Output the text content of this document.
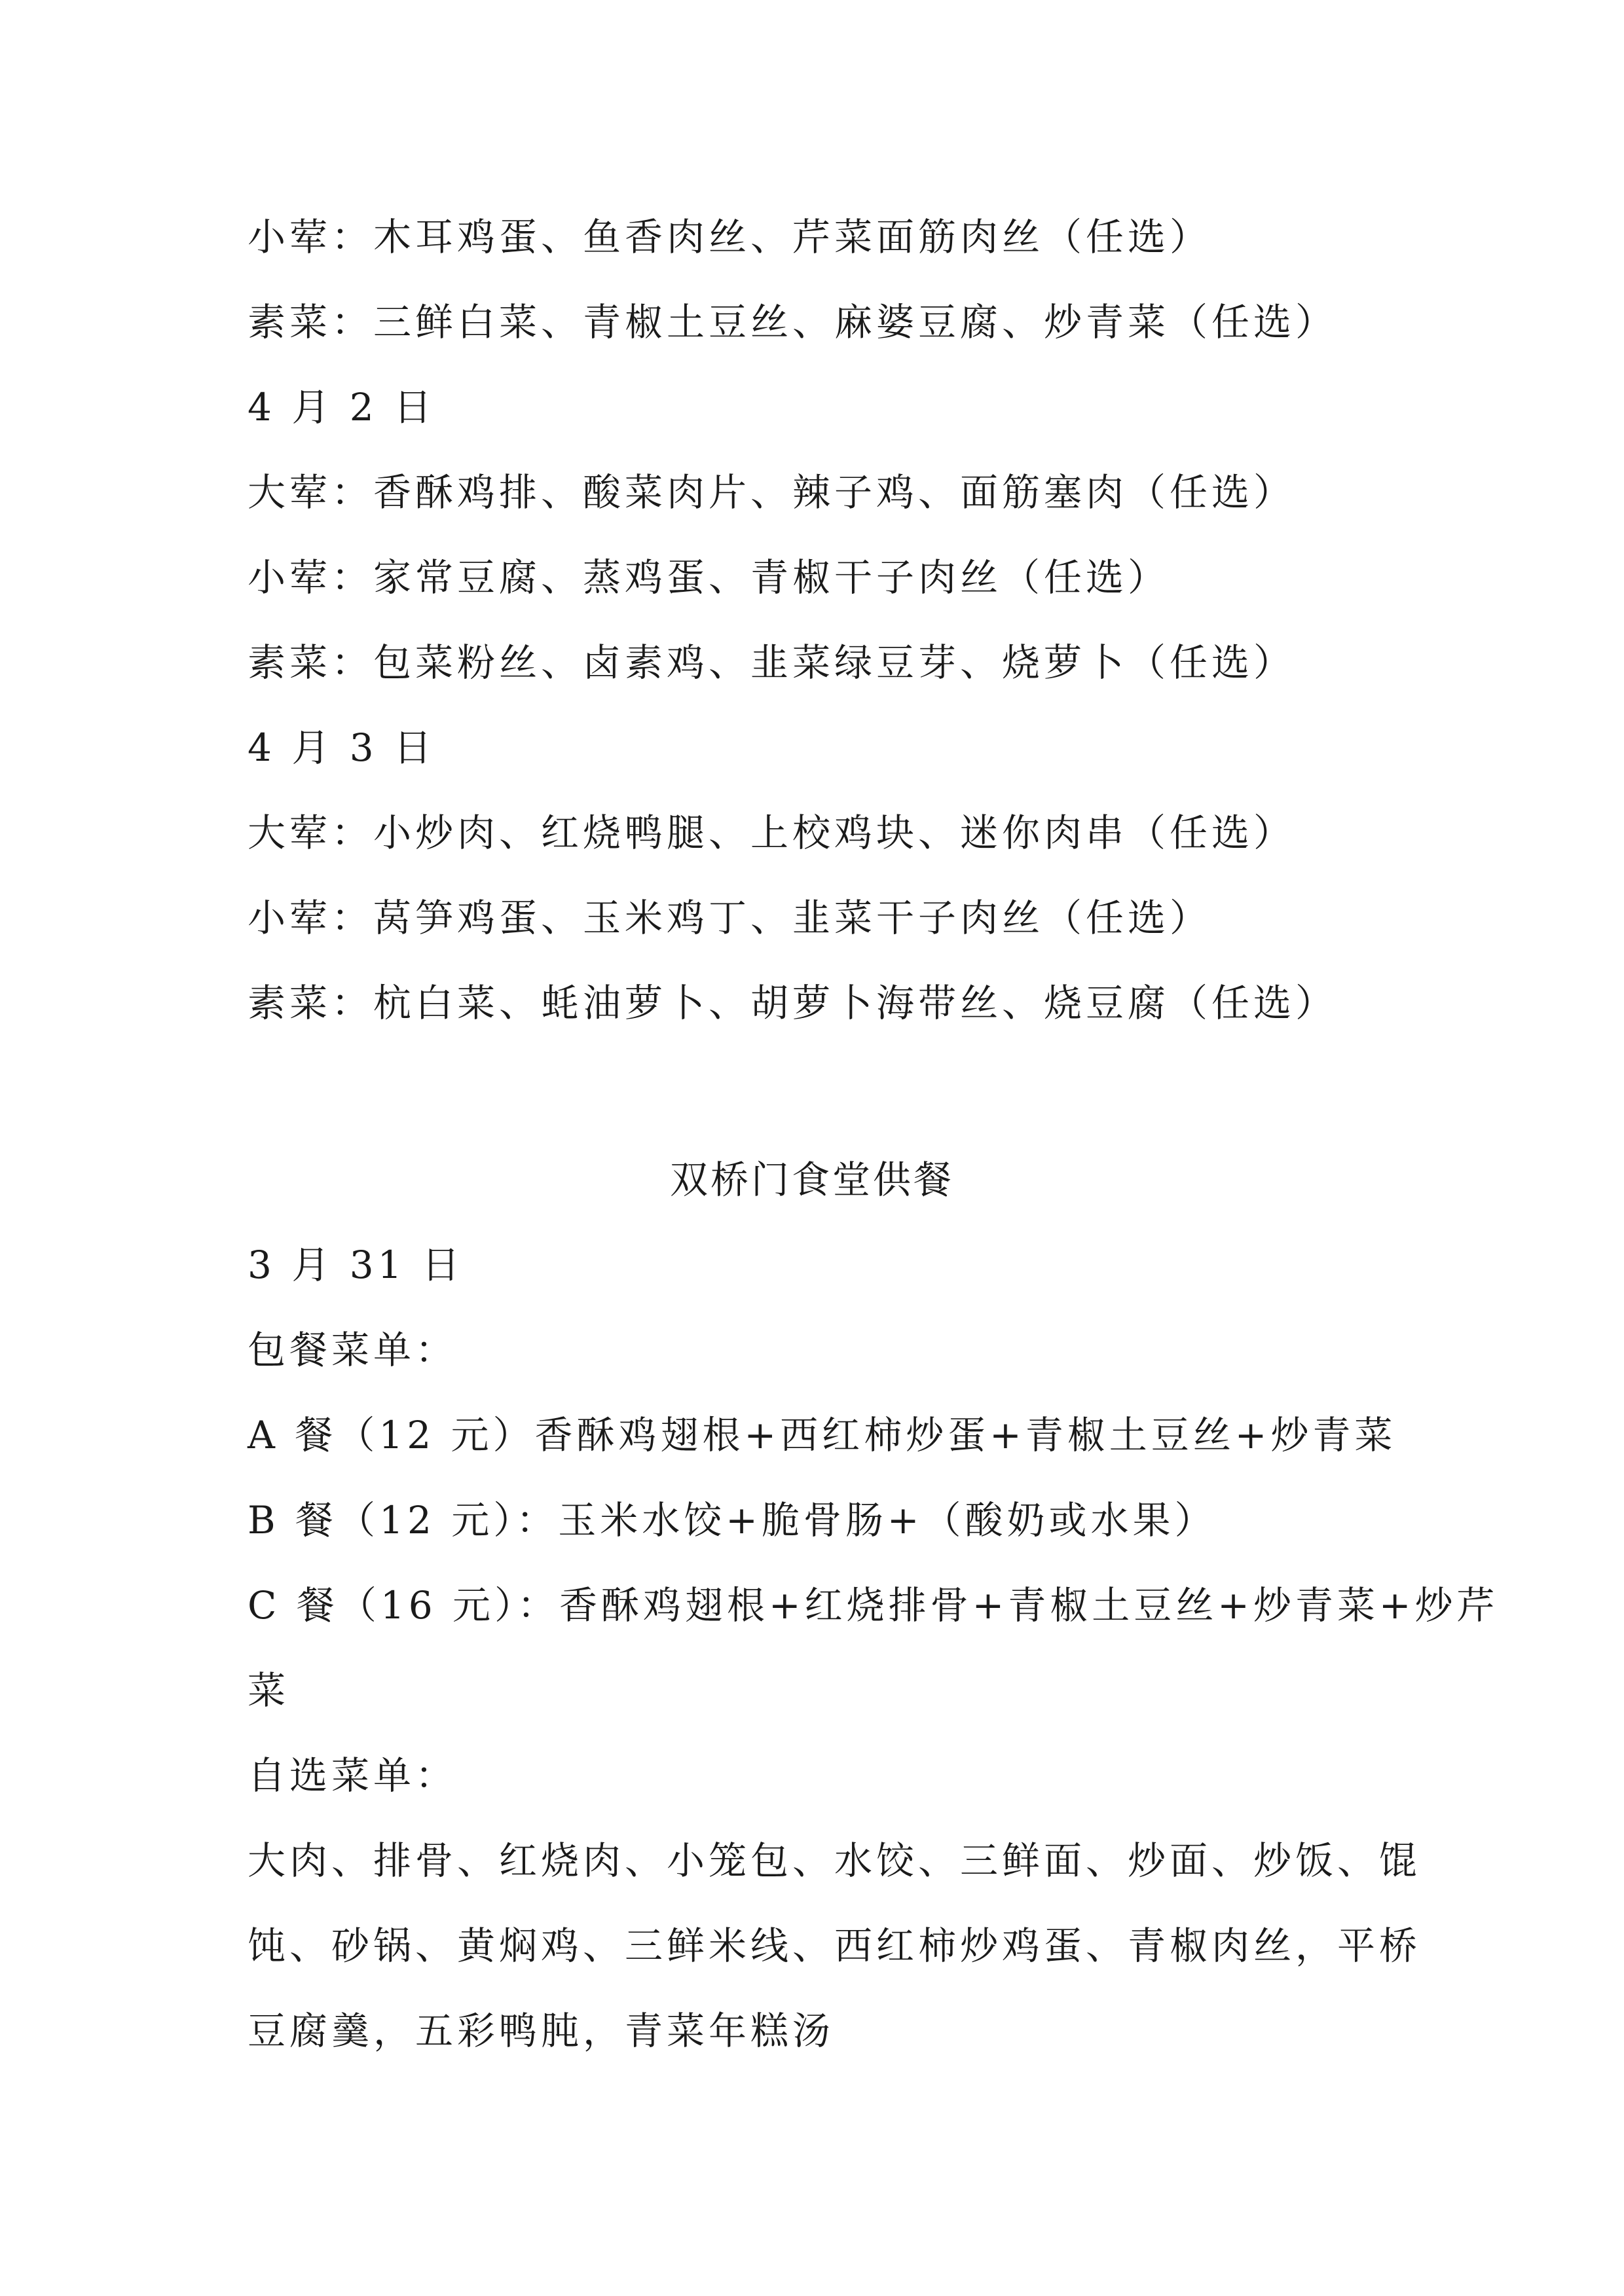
小荤：木耳鸡蛋、鱼香肉丝、芹菜面筋肉丝（任选）
素菜：三鲜白菜、青椒土豆丝、麻婆豆腐、炒青菜（任选）
4 月 2 日
大荤：香酥鸡排、酸菜肉片、辣子鸡、面筋塞肉（任选）
小荤：家常豆腐、蒸鸡蛋、青椒干子肉丝（任选）
素菜：包菜粉丝、卤素鸡、韭菜绿豆芽、烧萝卜（任选）
4 月 3 日
大荤：小炒肉、红烧鸭腿、上校鸡块、迷你肉串（任选）
小荤：莴笋鸡蛋、玉米鸡丁、韭菜干子肉丝（任选）
素菜：杭白菜、蚝油萝卜、胡萝卜海带丝、烧豆腐（任选）
双桥门食堂供餐
3 月 31 日
包餐菜单：
A 餐（12 元）香酥鸡翅根+西红柿炒蛋+青椒土豆丝+炒青菜
B 餐（12 元）：玉米水饺+脆骨肠+（酸奶或水果）
C 餐（16 元）：香酥鸡翅根+红烧排骨+青椒土豆丝+炒青菜+炒芹
菜
自选菜单：
大肉、排骨、红烧肉、小笼包、水饺、三鲜面、炒面、炒饭、馄
饨、砂锅、黄焖鸡、三鲜米线、西红柿炒鸡蛋、青椒肉丝，平桥
豆腐羹，五彩鸭肫，青菜年糕汤
